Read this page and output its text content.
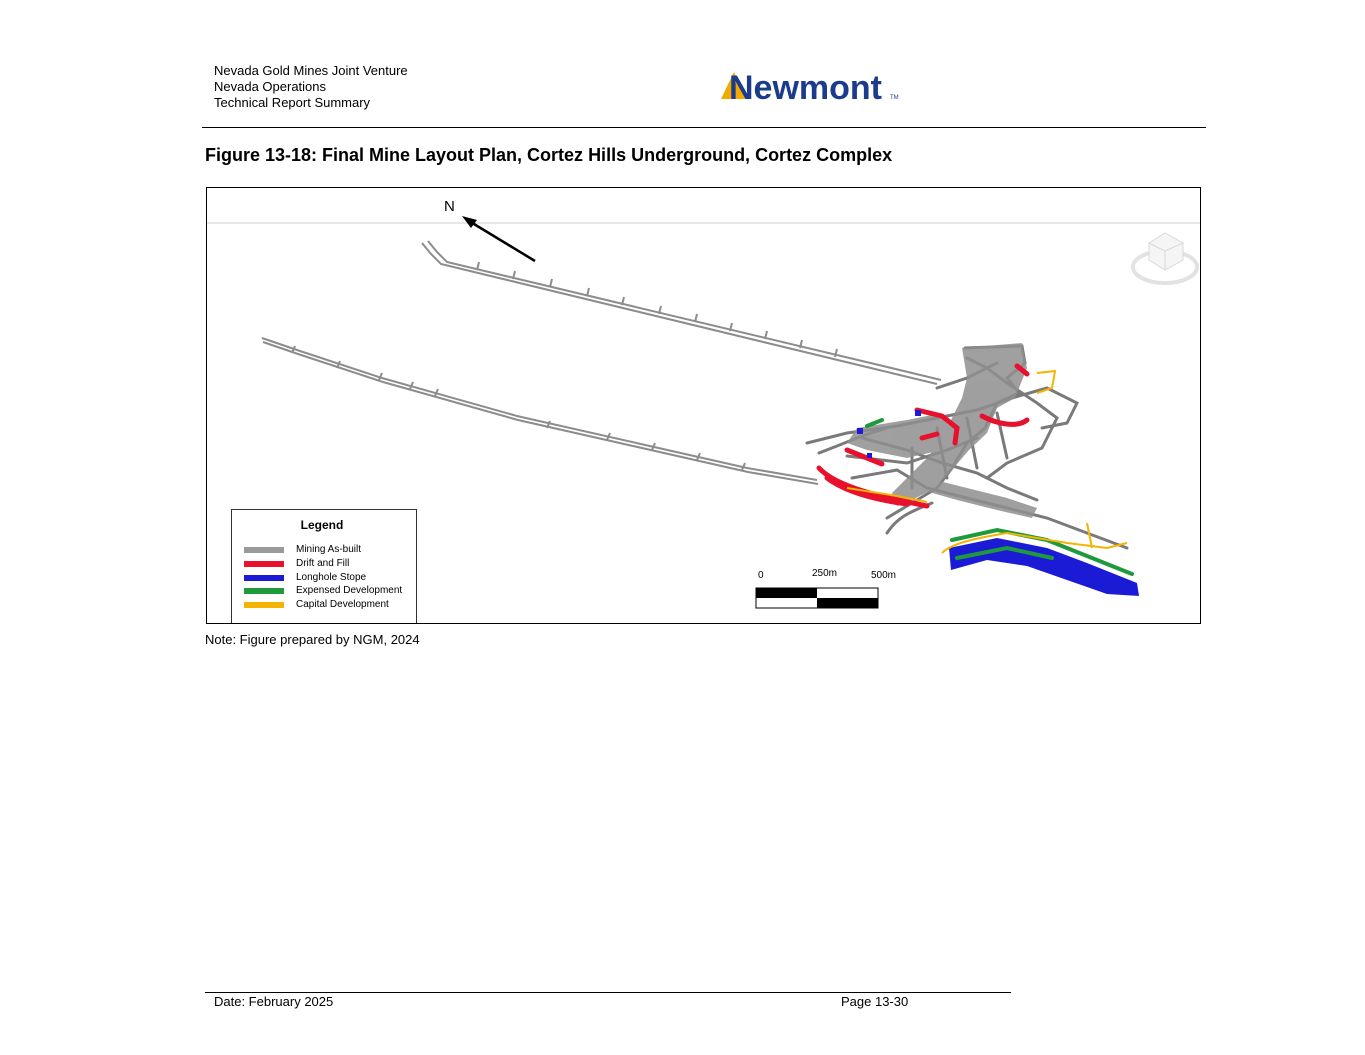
Nevada Gold Mines Joint Venture
Nevada Operations
Technical Report Summary	Newmont TM
Figure 13-18: Final Mine Layout Plan, Cortez Hills Underground, Cortez Complex
N
0	250m	500m
Legend
Mining As-built
Drift and Fill
Longhole Stope
Expensed Development
Capital Development
Note: Figure prepared by NGM, 2024
Date: February 2025	Page 13-30
